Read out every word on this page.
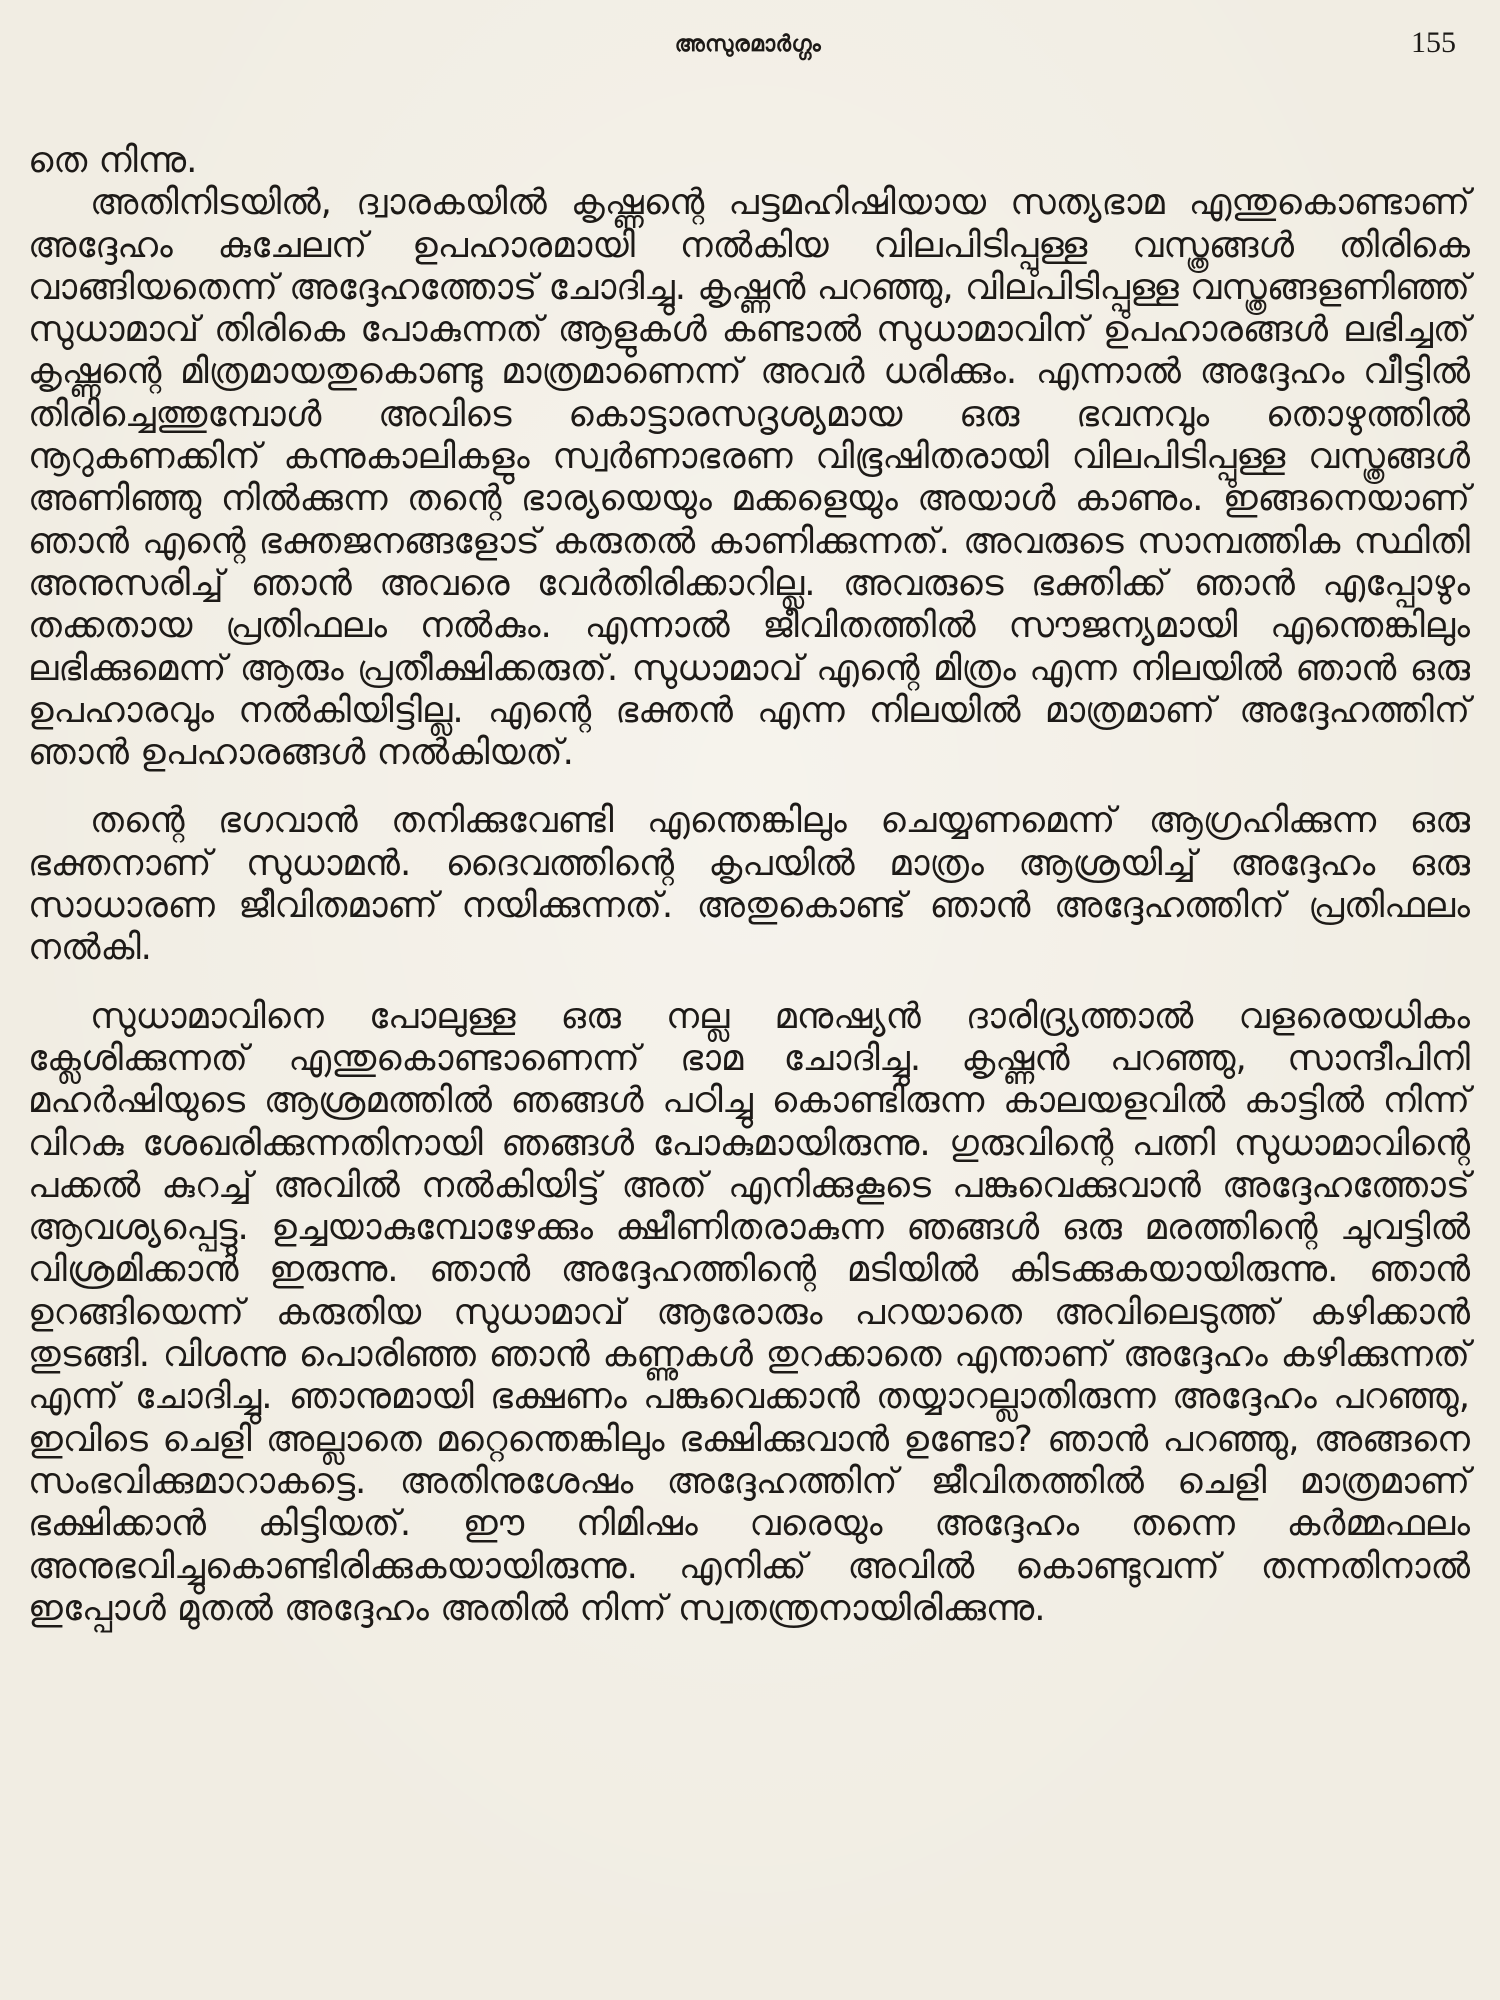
അസുരമാർഗ്ഗം	155

തെ നിന്നു.

അതിനിടയിൽ, ദ്വാരകയിൽ കൃഷ്ണന്റെ പട്ടമഹിഷിയായ സത്യഭാമ എന്തുകൊണ്ടാണ് അദ്ദേഹം കുചേലന് ഉപഹാരമായി നൽകിയ വിലപിടിപ്പുള്ള വസ്ത്രങ്ങൾ തിരികെ വാങ്ങിയതെന്ന് അദ്ദേഹത്തോട് ചോദിച്ചു. കൃഷ്ണൻ പറഞ്ഞു, വിലപിടിപ്പുള്ള വസ്ത്രങ്ങളണിഞ്ഞ് സുധാമാവ് തിരികെ പോകുന്നത് ആളുകൾ കണ്ടാൽ സുധാമാവിന് ഉപഹാരങ്ങൾ ലഭിച്ചത് കൃഷ്ണന്റെ മിത്രമായതുകൊണ്ടു മാത്രമാണെന്ന് അവർ ധരിക്കും. എന്നാൽ അദ്ദേഹം വീട്ടിൽ തിരിച്ചെത്തുമ്പോൾ അവിടെ കൊട്ടാരസദൃശ്യമായ ഒരു ഭവനവും തൊഴുത്തിൽ നൂറുകണക്കിന് കന്നുകാലികളും സ്വർണാഭരണ വിഭൂഷിതരായി വിലപിടിപ്പുള്ള വസ്ത്രങ്ങൾ അണിഞ്ഞു നിൽക്കുന്ന തന്റെ ഭാര്യയെയും മക്കളെയും അയാൾ കാണും. ഇങ്ങനെയാണ് ഞാൻ എന്റെ ഭക്തജനങ്ങളോട് കരുതൽ കാണിക്കുന്നത്. അവരുടെ സാമ്പത്തിക സ്ഥിതി അനുസരിച്ച് ഞാൻ അവരെ വേർതിരിക്കാറില്ല. അവരുടെ ഭക്തിക്ക് ഞാൻ എപ്പോഴും തക്കതായ പ്രതിഫലം നൽകും. എന്നാൽ ജീവിതത്തിൽ സൗജന്യമായി എന്തെങ്കിലും ലഭിക്കുമെന്ന് ആരും പ്രതീക്ഷിക്കരുത്. സുധാമാവ് എന്റെ മിത്രം എന്ന നിലയിൽ ഞാൻ ഒരു ഉപഹാരവും നൽകിയിട്ടില്ല. എന്റെ ഭക്തൻ എന്ന നിലയിൽ മാത്രമാണ് അദ്ദേഹത്തിന് ഞാൻ ഉപഹാരങ്ങൾ നൽകിയത്.

തന്റെ ഭഗവാൻ തനിക്കുവേണ്ടി എന്തെങ്കിലും ചെയ്യണമെന്ന് ആഗ്രഹിക്കുന്ന ഒരു ഭക്തനാണ് സുധാമൻ. ദൈവത്തിന്റെ കൃപയിൽ മാത്രം ആശ്രയിച്ച് അദ്ദേഹം ഒരു സാധാരണ ജീവിതമാണ് നയിക്കുന്നത്. അതുകൊണ്ട് ഞാൻ അദ്ദേഹത്തിന് പ്രതിഫലം നൽകി.

സുധാമാവിനെ പോലുള്ള ഒരു നല്ല മനുഷ്യൻ ദാരിദ്ര്യത്താൽ വളരെയധികം ക്ലേശിക്കുന്നത് എന്തുകൊണ്ടാണെന്ന് ഭാമ ചോദിച്ചു. കൃഷ്ണൻ പറഞ്ഞു, സാന്ദീപിനി മഹർഷിയുടെ ആശ്രമത്തിൽ ഞങ്ങൾ പഠിച്ചു കൊണ്ടിരുന്ന കാലയളവിൽ കാട്ടിൽ നിന്ന് വിറകു ശേഖരിക്കുന്നതിനായി ഞങ്ങൾ പോകുമായിരുന്നു. ഗുരുവിന്റെ പത്നി സുധാമാവിന്റെ പക്കൽ കുറച്ച് അവിൽ നൽകിയിട്ട് അത് എനിക്കുകൂടെ പങ്കുവെക്കുവാൻ അദ്ദേഹത്തോട് ആവശ്യപ്പെട്ടു. ഉച്ചയാകുമ്പോഴേക്കും ക്ഷീണിതരാകുന്ന ഞങ്ങൾ ഒരു മരത്തിന്റെ ചുവട്ടിൽ വിശ്രമിക്കാൻ ഇരുന്നു. ഞാൻ അദ്ദേഹത്തിന്റെ മടിയിൽ കിടക്കുകയായിരുന്നു. ഞാൻ ഉറങ്ങിയെന്ന് കരുതിയ സുധാമാവ് ആരോരും പറയാതെ അവിലെടുത്ത് കഴിക്കാൻ തുടങ്ങി. വിശന്നു പൊരിഞ്ഞ ഞാൻ കണ്ണുകൾ തുറക്കാതെ എന്താണ് അദ്ദേഹം കഴിക്കുന്നത് എന്ന് ചോദിച്ചു. ഞാനുമായി ഭക്ഷണം പങ്കുവെക്കാൻ തയ്യാറല്ലാതിരുന്ന അദ്ദേഹം പറഞ്ഞു, ഇവിടെ ചെളി അല്ലാതെ മറ്റെന്തെങ്കിലും ഭക്ഷിക്കുവാൻ ഉണ്ടോ? ഞാൻ പറഞ്ഞു, അങ്ങനെ സംഭവിക്കുമാറാകട്ടെ. അതിനുശേഷം അദ്ദേഹത്തിന് ജീവിതത്തിൽ ചെളി മാത്രമാണ് ഭക്ഷിക്കാൻ കിട്ടിയത്. ഈ നിമിഷം വരെയും അദ്ദേഹം തന്നെ കർമ്മഫലം അനുഭവിച്ചുകൊണ്ടിരിക്കുകയായിരുന്നു. എനിക്ക് അവിൽ കൊണ്ടുവന്ന് തന്നതിനാൽ ഇപ്പോൾ മുതൽ അദ്ദേഹം അതിൽ നിന്ന് സ്വതന്ത്രനായിരിക്കുന്നു.
